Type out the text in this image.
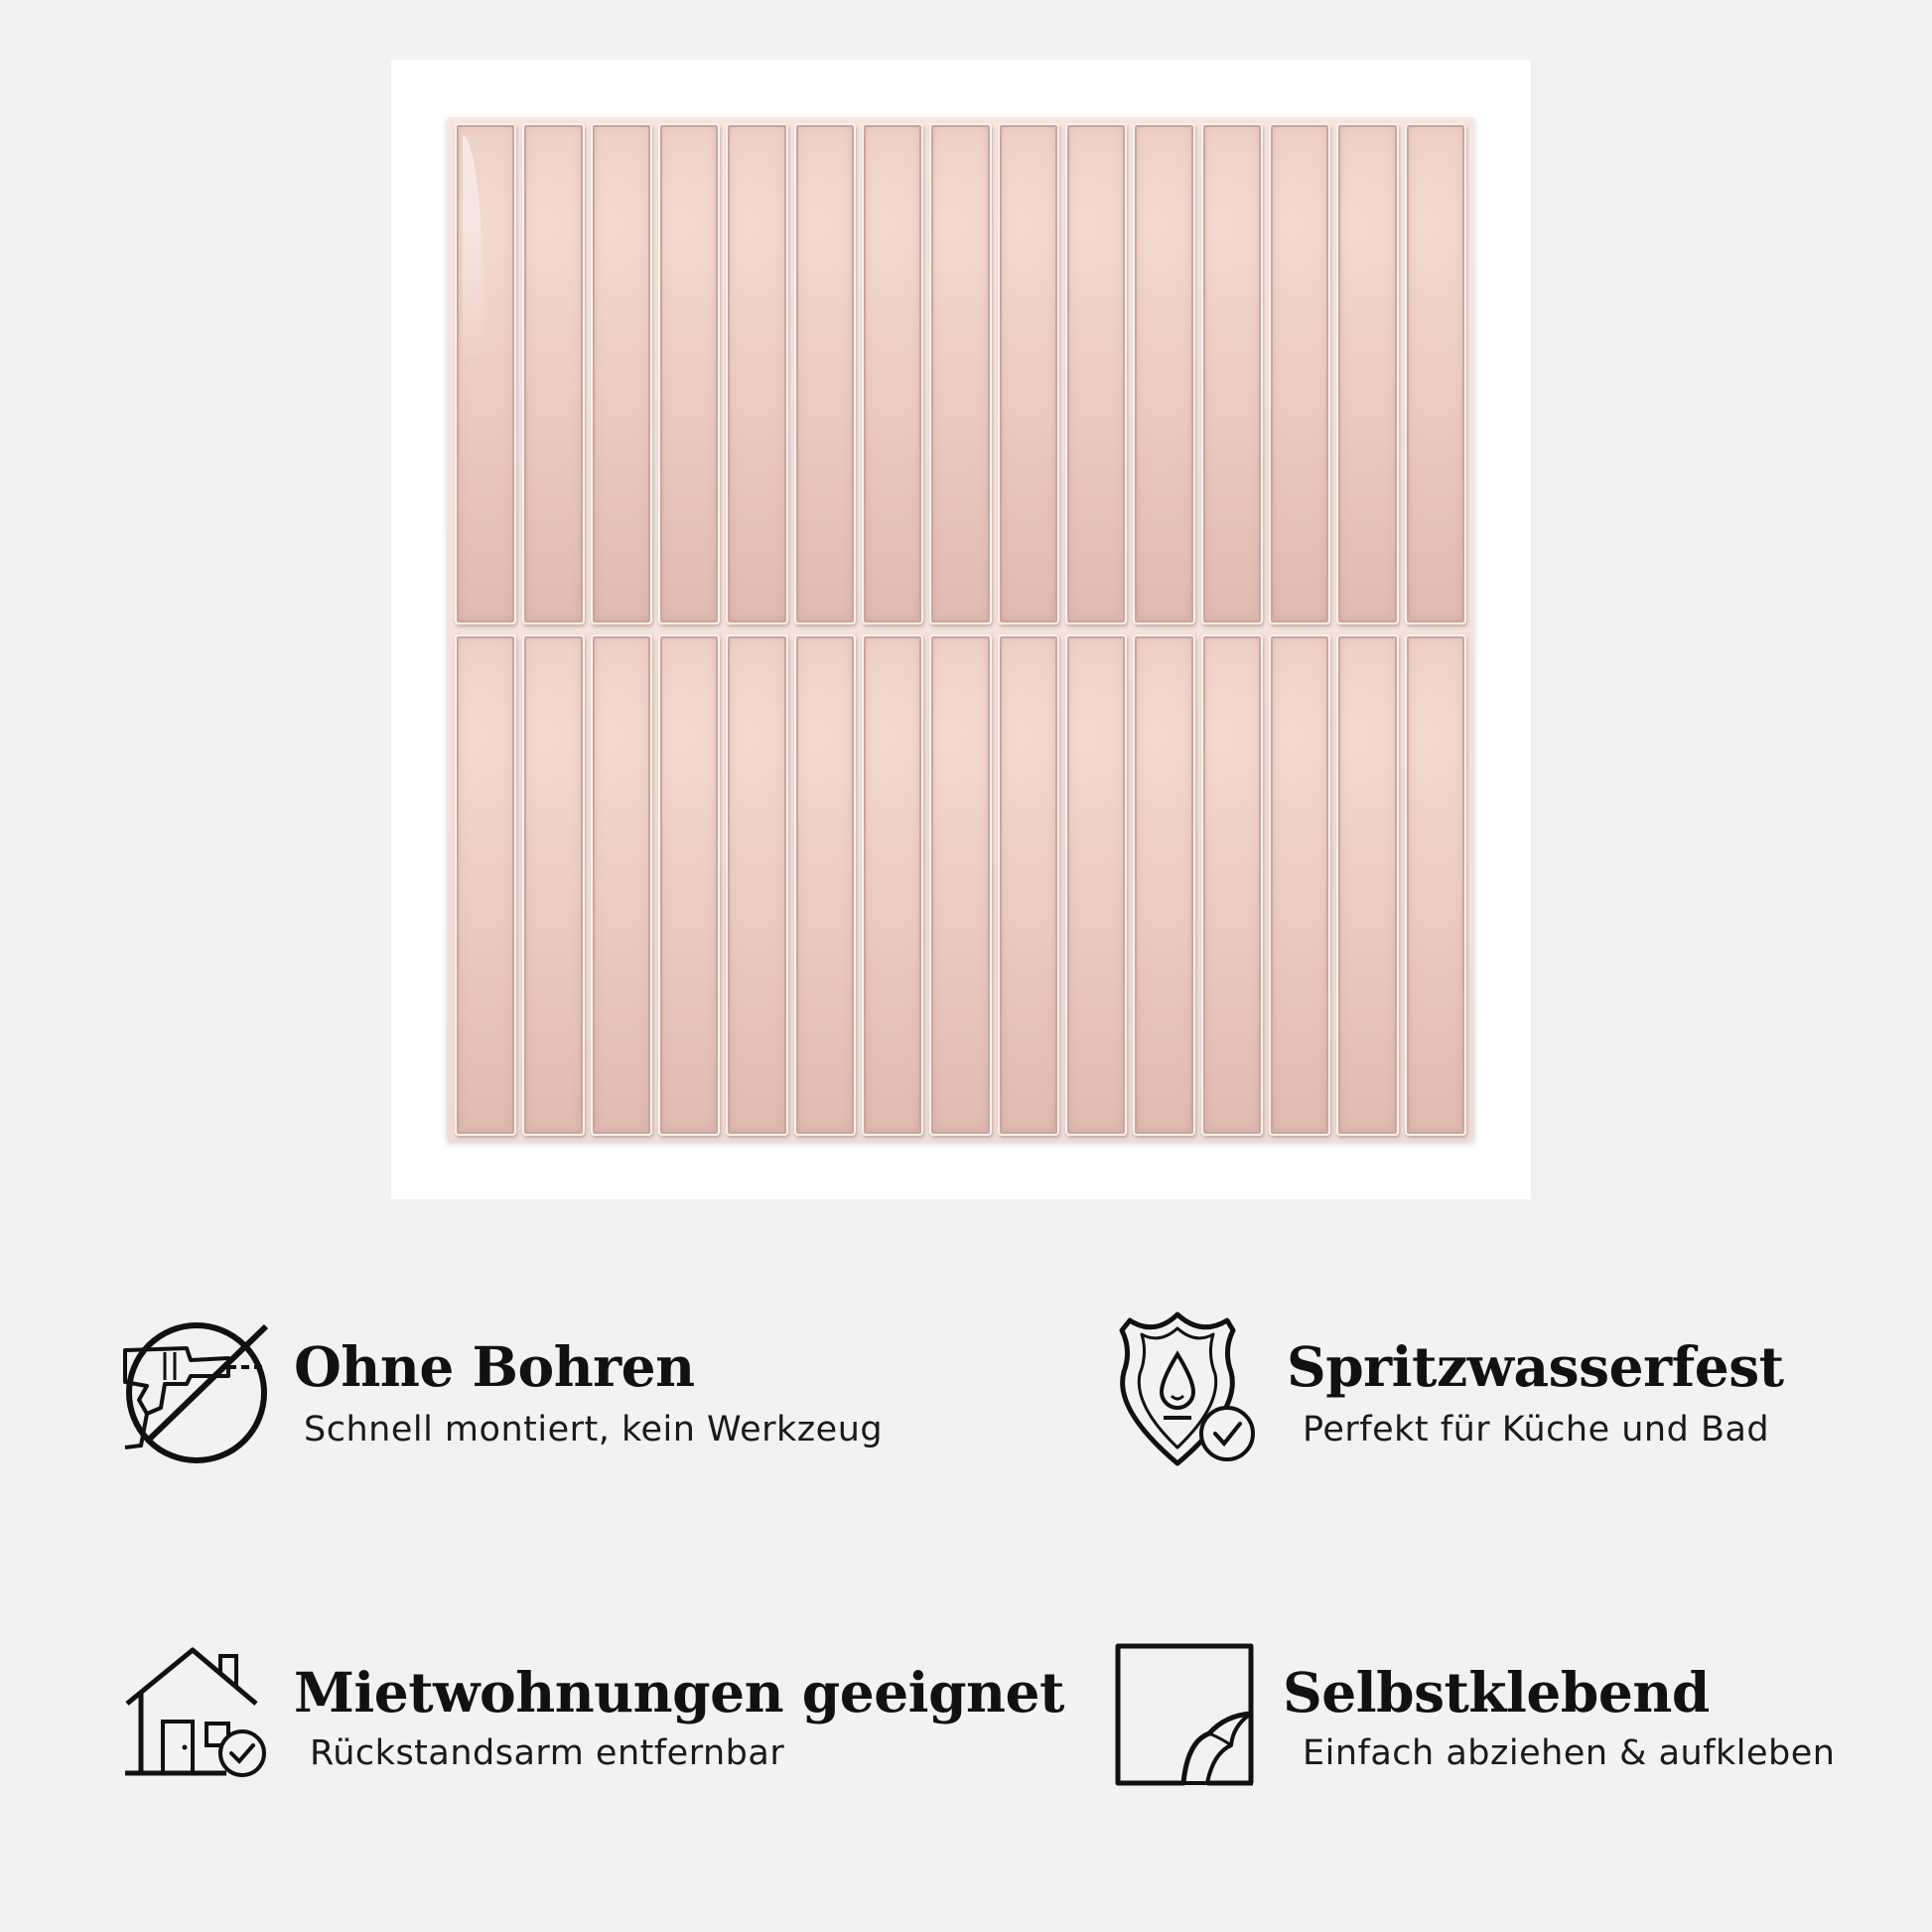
Ohne Bohren
Schnell montiert, kein Werkzeug
Spritzwasserfest
Perfekt für Küche und Bad
Mietwohnungen geeignet
Rückstandsarm entfernbar
Selbstklebend
Einfach abziehen & aufkleben
